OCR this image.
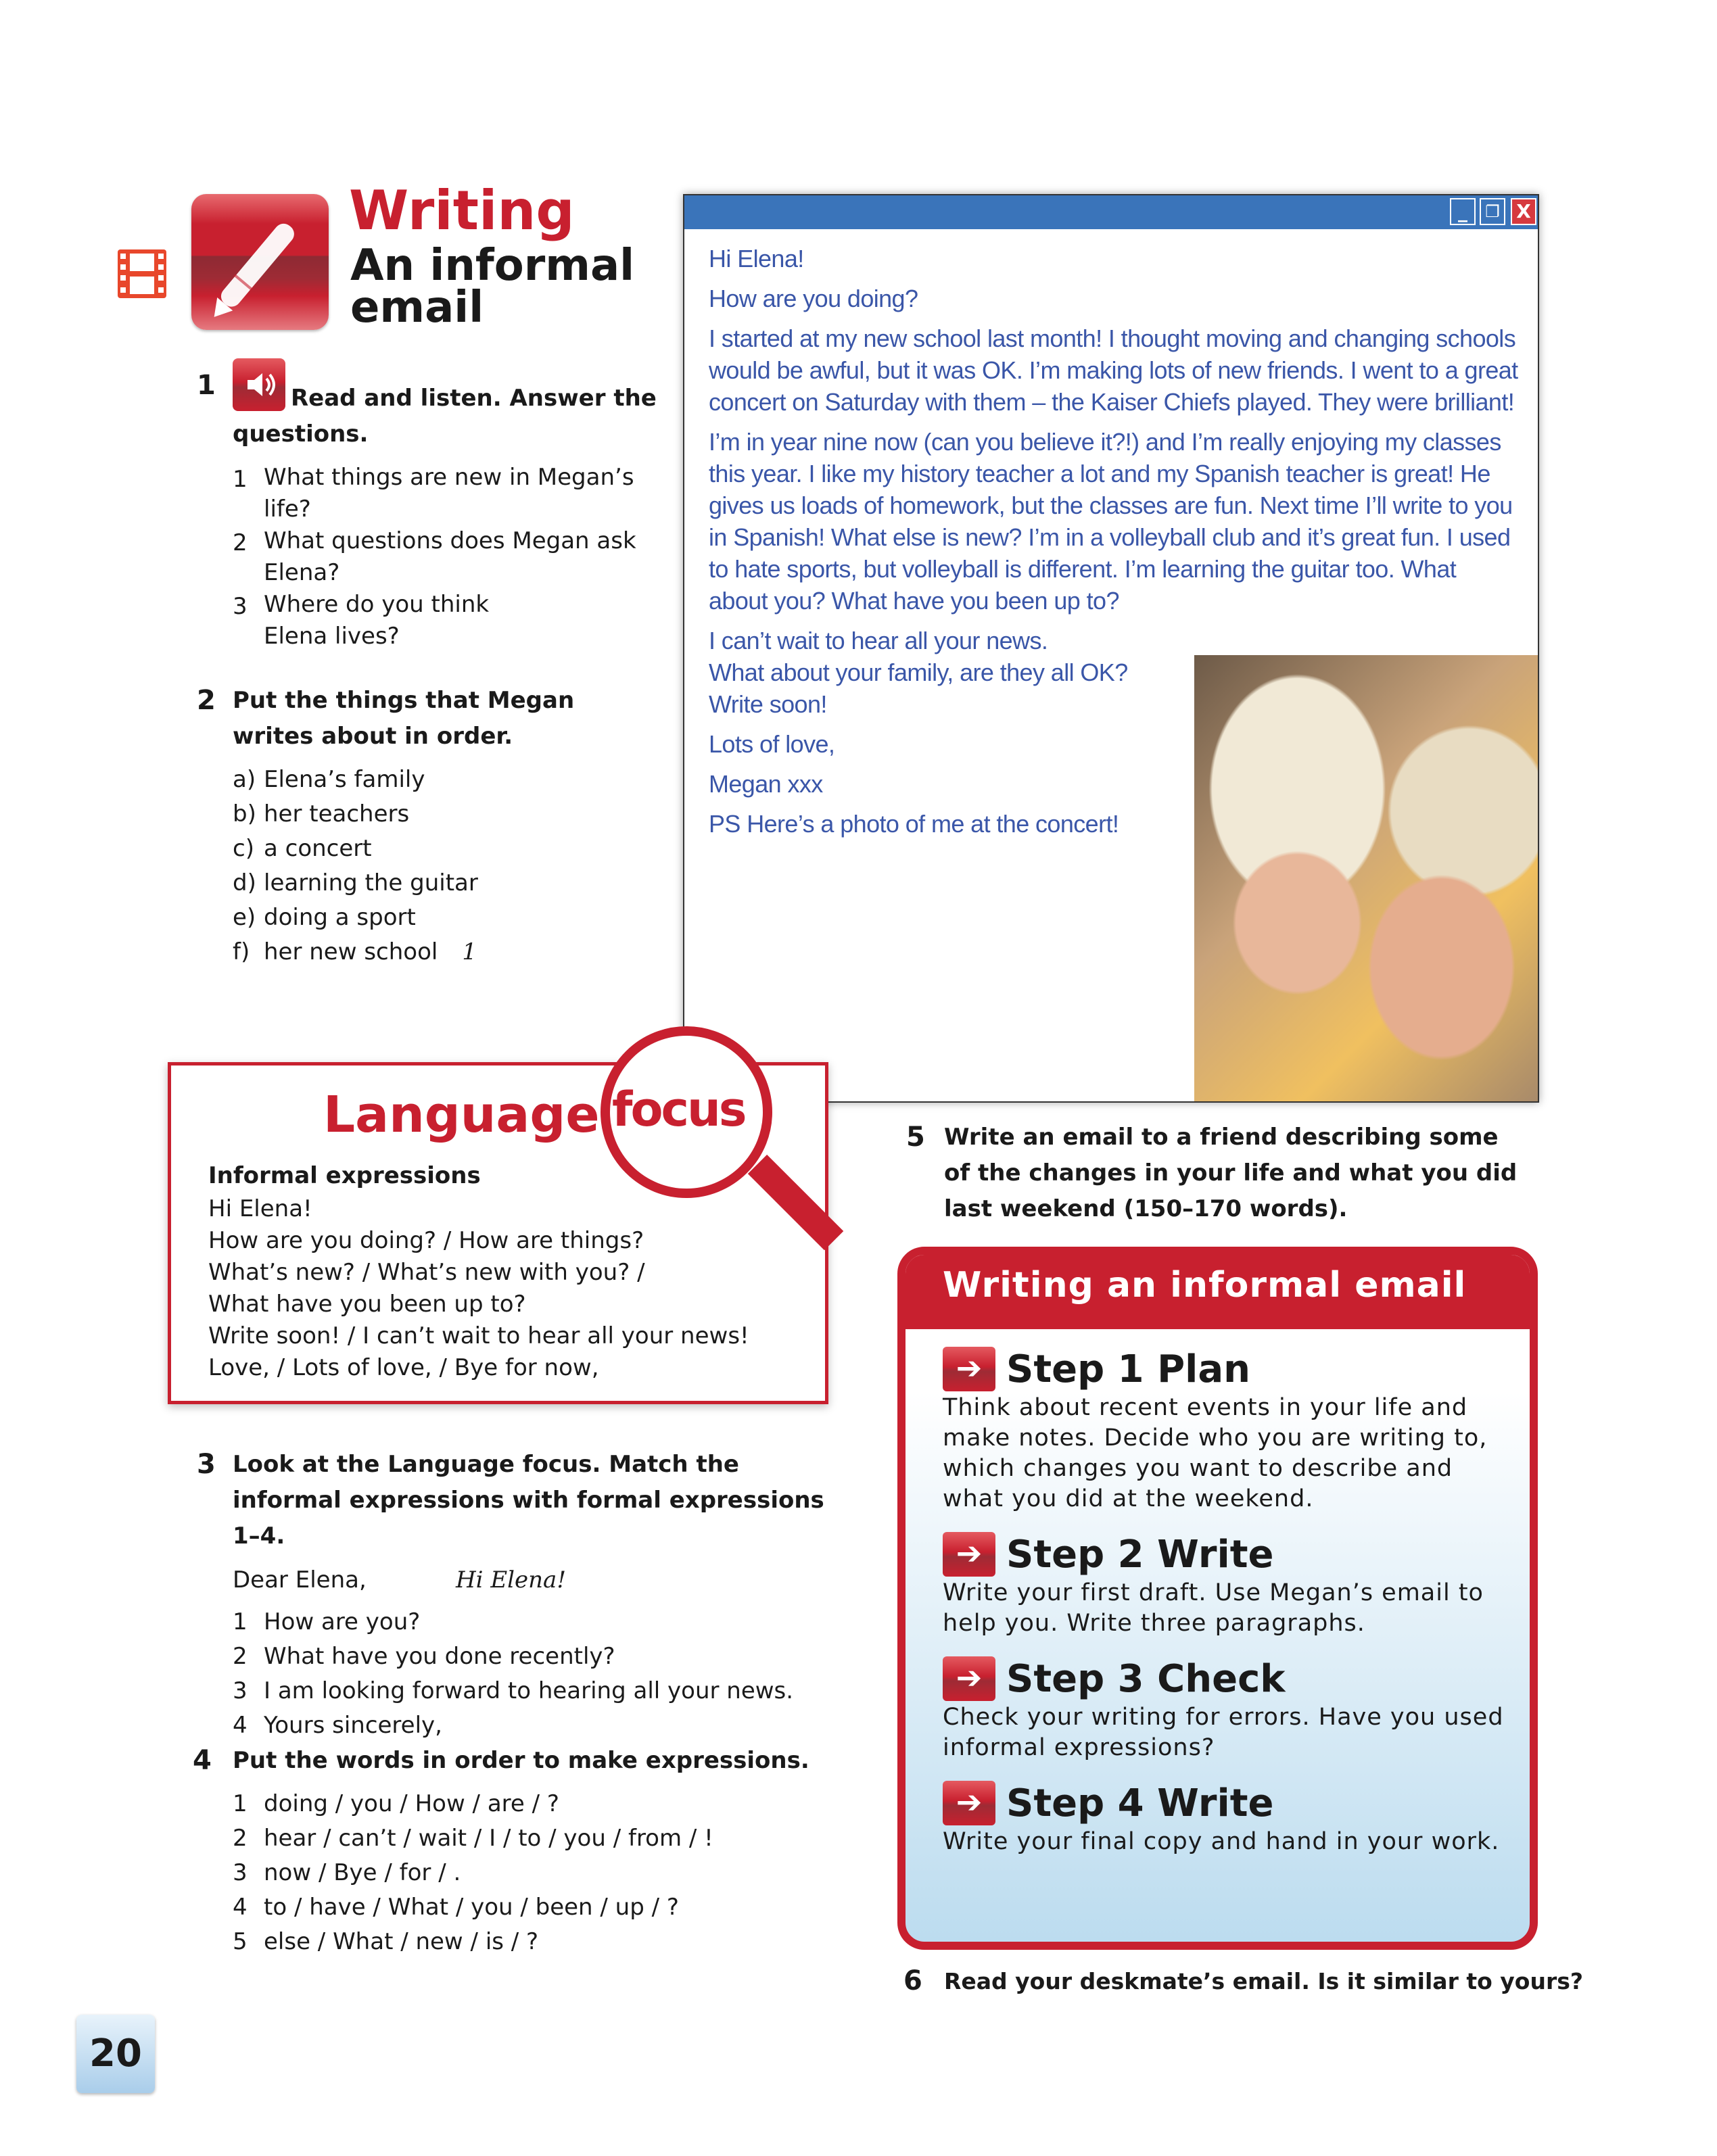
Writing
An informal email
1	Read and listen. Answer the questions.
1 What things are new in Megan’s life?
2 What questions does Megan ask Elena?
3 Where do you think Elena lives?
2 Put the things that Megan writes about in order.
a) Elena’s family
b) her teachers
c) a concert
d) learning the guitar
e) doing a sport
f) her new school 1
_	❐ X

Hi Elena!

How are you doing?

I started at my new school last month! I thought moving and changing schools would be awful, but it was OK. I’m making lots of new friends. I went to a great concert on Saturday with them – the Kaiser Chiefs played. They were brilliant!

I’m in year nine now (can you believe it?!) and I’m really enjoying my classes this year. I like my history teacher a lot and my Spanish teacher is great! He gives us loads of homework, but the classes are fun. Next time I’ll write to you in Spanish! What else is new? I’m in a volleyball club and it’s great fun. I used to hate sports, but volleyball is different. I’m learning the guitar too. What about you? What have you been up to?

I can’t wait to hear all your news.

What about your family, are they all OK?

Write soon!

Lots of love,

Megan xxx

PS Here’s a photo of me at the concert!

Language
Informal expressions
Hi Elena!
How are you doing? / How are things?
What’s new? / What’s new with you? /
What have you been up to?
Write soon! / I can’t wait to hear all your news!
Love, / Lots of love, / Bye for now,
focus
3 Look at the Language focus. Match the informal expressions with formal expressions 1–4.
Dear Elena,	Hi Elena!
1 How are you?
2 What have you done recently?
3 I am looking forward to hearing all your news.
4 Yours sincerely,
4 Put the words in order to make expressions.
1 doing / you / How / are / ?
2 hear / can’t / wait / I / to / you / from / !
3 now / Bye / for / .
4 to / have / What / you / been / up / ?
5 else / What / new / is / ?
5 Write an email to a friend describing some of the changes in your life and what you did last weekend (150–170 words).
Writing an informal email
➔ Step 1 Plan
Think about recent events in your life and make notes. Decide who you are writing to, which changes you want to describe and what you did at the weekend.
➔ Step 2 Write
Write your first draft. Use Megan’s email to help you. Write three paragraphs.
➔ Step 3 Check
Check your writing for errors. Have you used informal expressions?
➔ Step 4 Write
Write your final copy and hand in your work.
6 Read your deskmate’s email. Is it similar to yours?
20
